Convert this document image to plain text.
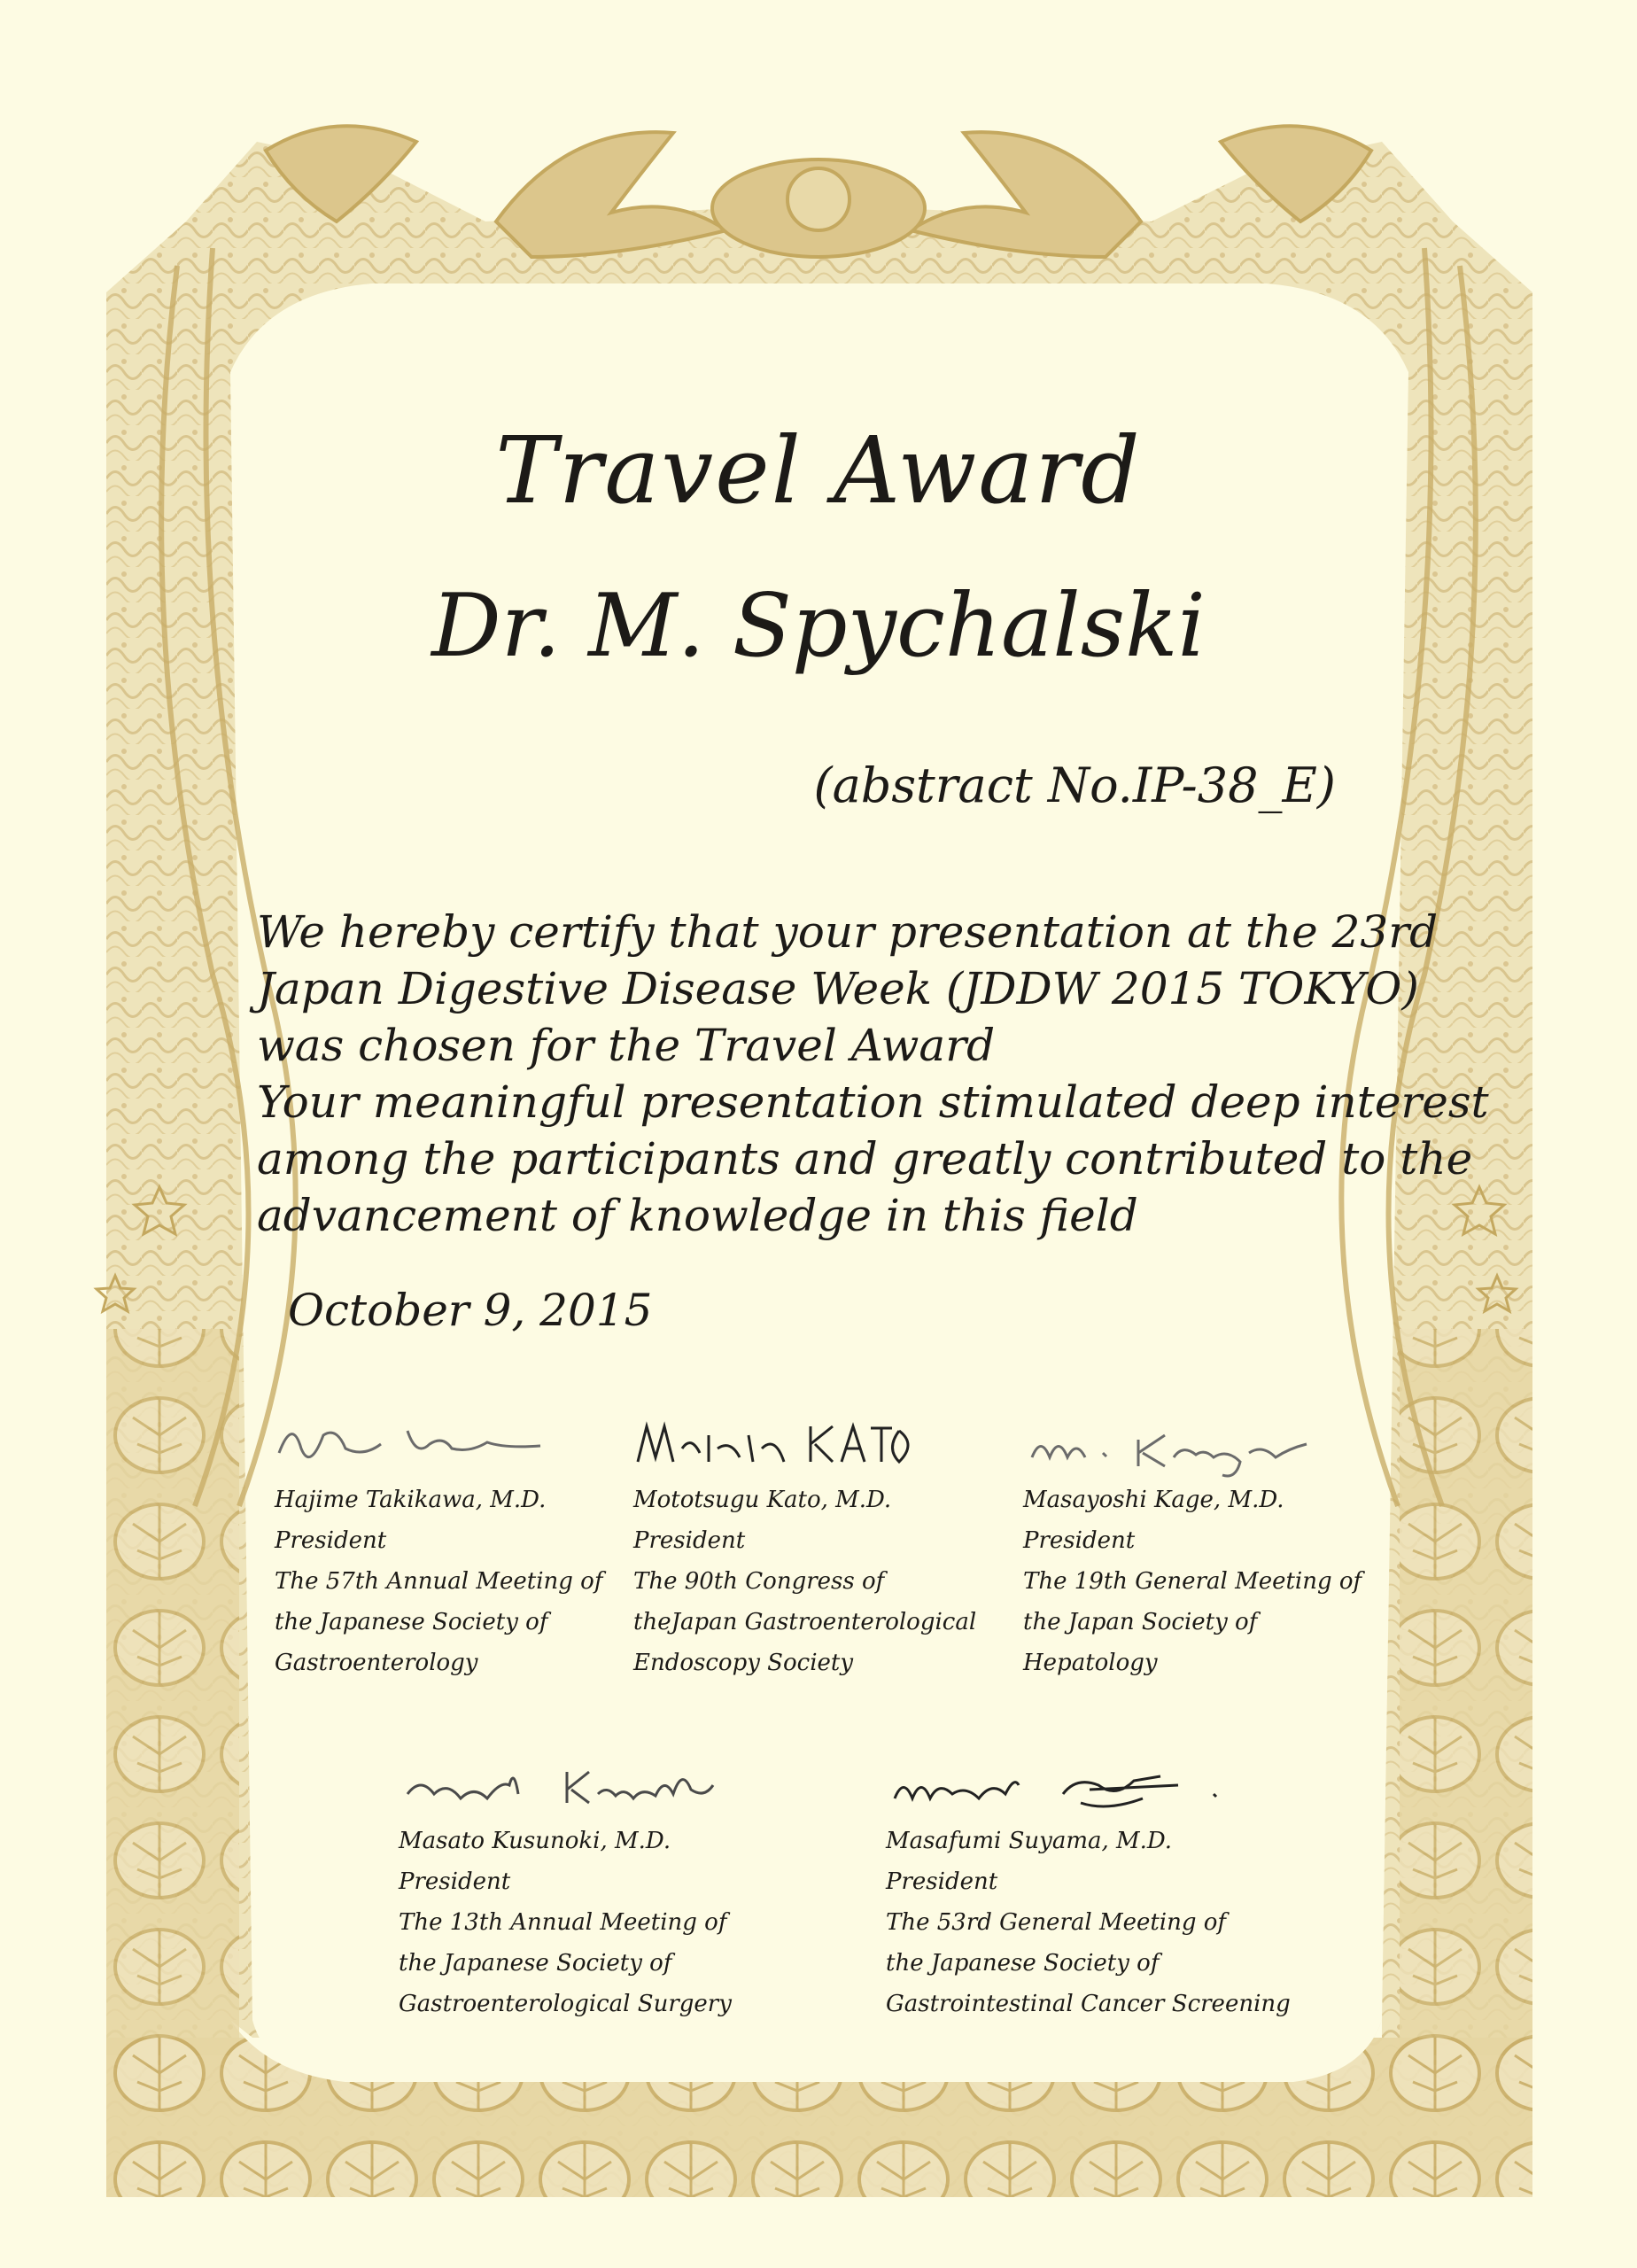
Travel Award
Dr. M. Spychalski
(abstract No.IP-38_E)
We hereby certify that your presentation at the 23rd
Japan Digestive Disease Week (JDDW 2015 TOKYO)
was chosen for the Travel Award
Your meaningful presentation stimulated deep interest
among the participants and greatly contributed to the
advancement of knowledge in this field
October 9, 2015
Hajime Takikawa, M.D.
President
The 57th Annual Meeting of
the Japanese Society of
Gastroenterology
Mototsugu Kato, M.D.
President
The 90th Congress of
theJapan Gastroenterological
Endoscopy Society
Masayoshi Kage, M.D.
President
The 19th General Meeting of
the Japan Society of
Hepatology
Masato Kusunoki, M.D.
President
The 13th Annual Meeting of
the Japanese Society of
Gastroenterological Surgery
Masafumi Suyama, M.D.
President
The 53rd General Meeting of
the Japanese Society of
Gastrointestinal Cancer Screening
